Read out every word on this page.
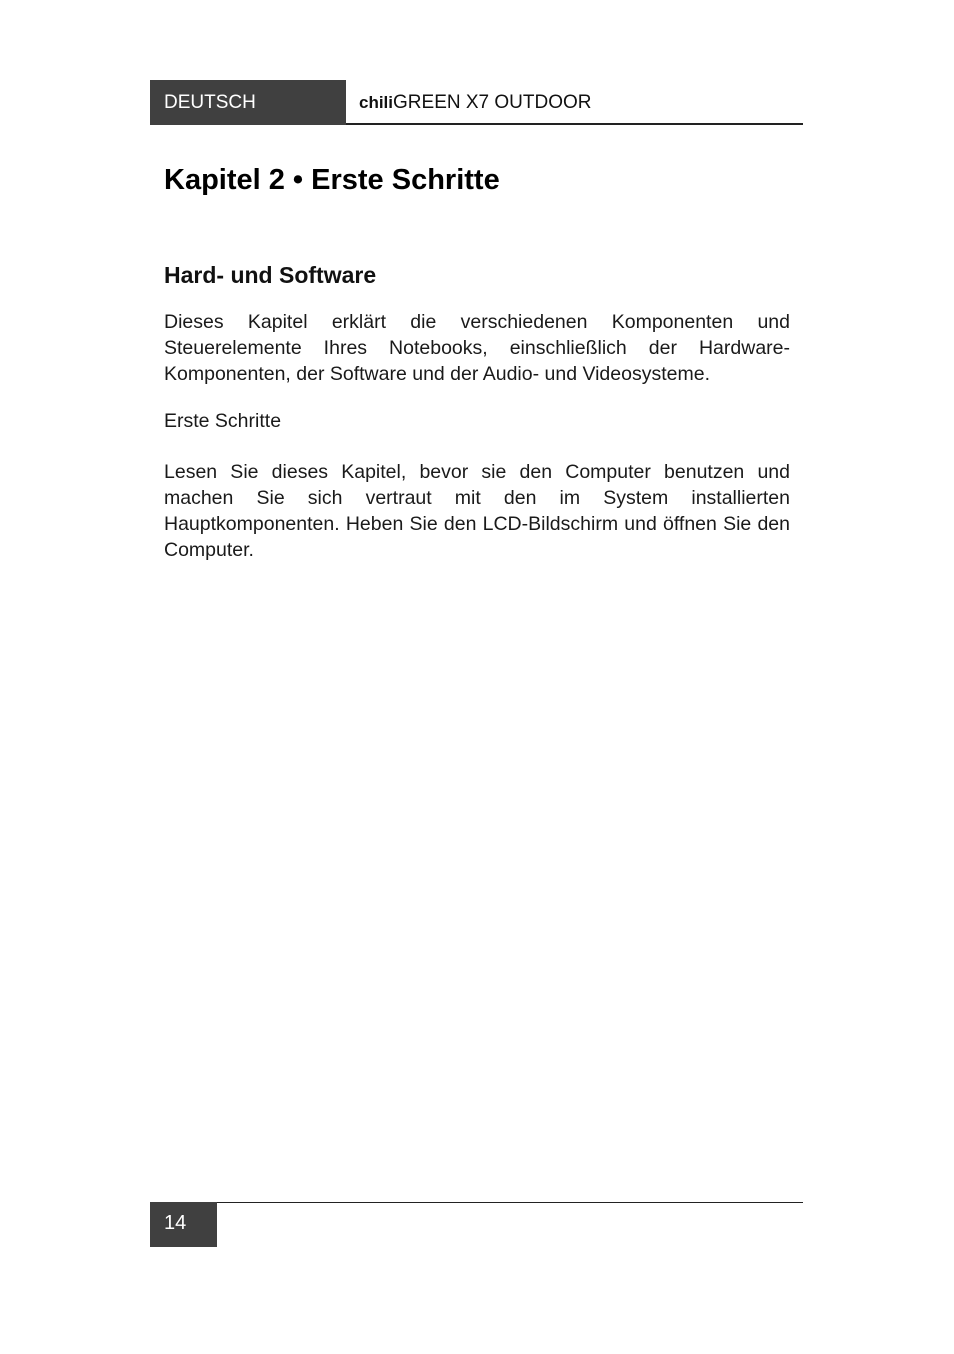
DEUTSCH	chiliGREEN X7 OUTDOOR
Kapitel 2 • Erste Schritte
Hard- und Software

Dieses Kapitel erklärt die verschiedenen Komponenten und Steuerelemente Ihres Notebooks, einschließlich der Hardware-Komponenten, der Software und der Audio- und Videosysteme.

Erste Schritte

Lesen Sie dieses Kapitel, bevor sie den Computer benutzen und machen Sie sich vertraut mit den im System installierten Hauptkomponenten. Heben Sie den LCD-Bildschirm und öffnen Sie den Computer.

14
